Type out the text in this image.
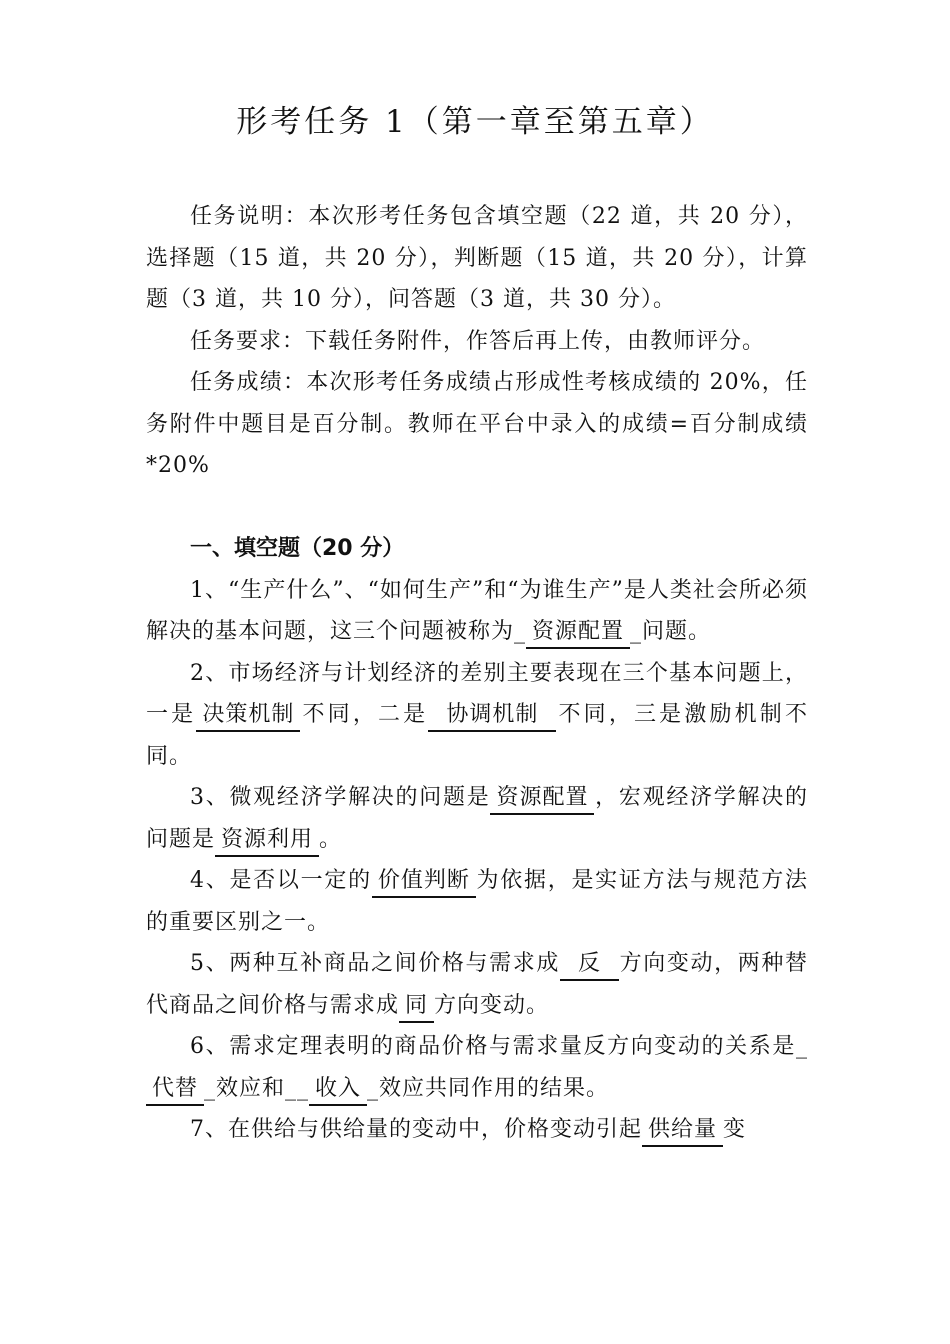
形考任务 1（第一章至第五章）

任务说明：本次形考任务包含填空题（22 道，共 20 分），选择题（15 道，共 20 分），判断题（15 道，共 20 分），计算题（3 道，共 10 分），问答题（3 道，共 30 分）。

任务要求：下载任务附件，作答后再上传，由教师评分。

任务成绩：本次形考任务成绩占形成性考核成绩的 20%，任务附件中题目是百分制。教师在平台中录入的成绩=百分制成绩*20%

一、填空题（20 分）

1、“生产什么”、“如何生产”和“为谁生产”是人类社会所必须解决的基本问题，这三个问题被称为_ 资源配置 _问题。

2、市场经济与计划经济的差别主要表现在三个基本问题上，一是 决策机制 不同，二是 协调机制 不同，三是激励机制不同。

3、微观经济学解决的问题是 资源配置 ，宏观经济学解决的问题是 资源利用 。

4、是否以一定的 价值判断 为依据，是实证方法与规范方法的重要区别之一。

5、两种互补商品之间价格与需求成 反 方向变动，两种替代商品之间价格与需求成 同 方向变动。

6、需求定理表明的商品价格与需求量反方向变动的关系是_代替 _效应和__ 收入 _效应共同作用的结果。

7、在供给与供给量的变动中，价格变动引起 供给量 变
